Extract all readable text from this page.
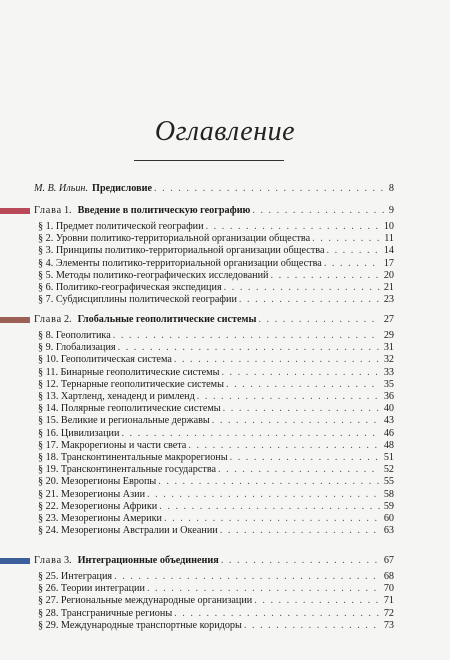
Оглавление
М. В. Ильин. Предисловие . . .	8
Глава 1. Введение в политическую географию . . .	9
§ 1. Предмет политической географии . . .	10
§ 2. Уровни политико-территориальной организации общества . . .	11
§ 3. Принципы политико-территориальной организации общества . . .	14
§ 4. Элементы политико-территориальной организации общества . . .	17
§ 5. Методы политико-географических исследований . . .	20
§ 6. Политико-географическая экспедиция . . .	21
§ 7. Субдисциплины политической географии . . .	23
Глава 2. Глобальные геополитические системы . . .	27
§ 8. Геополитика . . .	29
§ 9. Глобализация . . .	31
§ 10. Геополитическая система . . .	32
§ 11. Бинарные геополитические системы . . .	33
§ 12. Тернарные геополитические системы . . .	35
§ 13. Хартленд, хенаденд и римленд . . .	36
§ 14. Полярные геополитические системы . . .	40
§ 15. Великие и региональные державы . . .	43
§ 16. Цивилизации . . .	46
§ 17. Макрорегионы и части света . . .	48
§ 18. Трансконтинентальные макрорегионы . . .	51
§ 19. Трансконтинентальные государства . . .	52
§ 20. Мезорегионы Европы . . .	55
§ 21. Мезорегионы Азии . . .	58
§ 22. Мезорегионы Африки . . .	59
§ 23. Мезорегионы Америки . . .	60
§ 24. Мезорегионы Австралии и Океании . . .	63
Глава 3. Интеграционные объединения . . .	67
§ 25. Интеграция . . .	68
§ 26. Теории интеграции . . .	70
§ 27. Региональные международные организации . . .	71
§ 28. Трансграничные регионы . . .	72
§ 29. Международные транспортные коридоры . . .	73
